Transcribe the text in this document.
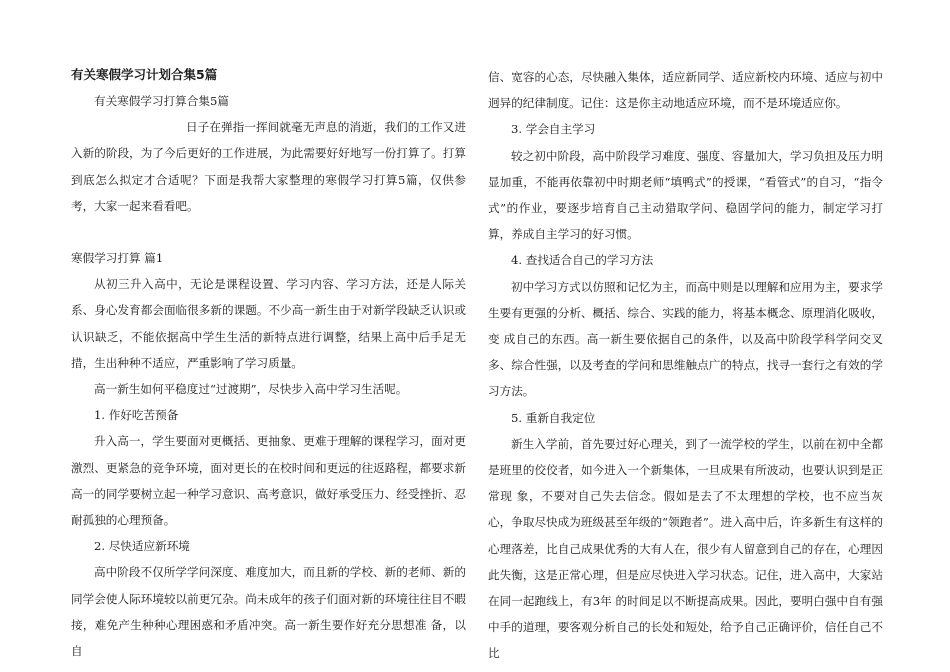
有关寒假学习计划合集5篇

有关寒假学习打算合集5篇

日子在弹指一挥间就毫无声息的消逝，我们的工作又进入新的阶段，为了今后更好的工作进展，为此需要好好地写一份打算了。打算到底怎么拟定才合适呢？下面是我帮大家整理的寒假学习打算5篇，仅供参考，大家一起来看看吧。

寒假学习打算 篇1

从初三升入高中，无论是课程设置、学习内容、学习方法，还是人际关系、身心发育都会面临很多新的课题。不少高一新生由于对新学段缺乏认识或认识缺乏，不能依据高中学生生活的新特点进行调整，结果上高中后手足无措，生出种种不适应，严重影响了学习质量。

高一新生如何平稳度过“过渡期”，尽快步入高中学习生活呢。

1. 作好吃苦预备

升入高一，学生要面对更概括、更抽象、更难于理解的课程学习，面对更激烈、更紧急的竞争环境，面对更长的在校时间和更远的往返路程，都要求新高一的同学要树立起一种学习意识、高考意识，做好承受压力、经受挫折、忍耐孤独的心理预备。

2. 尽快适应新环境

高中阶段不仅所学学问深度、难度加大，而且新的学校、新的老师、新的同学会使人际环境较以前更冗杂。尚未成年的孩子们面对新的环境往往目不暇接，难免产生种种心理困惑和矛盾冲突。高一新生要作好充分思想准 备，以自

信、宽容的心态，尽快融入集体，适应新同学、适应新校内环境、适应与初中迥异的纪律制度。记住：这是你主动地适应环境，而不是环境适应你。

3. 学会自主学习

较之初中阶段，高中阶段学习难度、强度、容量加大，学习负担及压力明显加重，不能再依靠初中时期老师“填鸭式”的授课，“看管式”的自习，“指令式”的作业，要逐步培育自己主动猎取学问、稳固学问的能力，制定学习打算，养成自主学习的好习惯。

4. 查找适合自己的学习方法

初中学习方式以仿照和记忆为主，而高中则是以理解和应用为主，要求学生要有更强的分析、概括、综合、实践的能力，将基本概念、原理消化吸收，变 成自己的东西。高一新生要依据自己的条件，以及高中阶段学科学问交叉多、综合性强，以及考查的学问和思维触点广的特点，找寻一套行之有效的学习方法。

5. 重新自我定位

新生入学前，首先要过好心理关，到了一流学校的学生，以前在初中全都是班里的佼佼者，如今进入一个新集体，一旦成果有所波动，也要认识到是正常现 象，不要对自己失去信念。假如是去了不太理想的学校，也不应当灰心，争取尽快成为班级甚至年级的“领跑者”。进入高中后，许多新生有这样的心理落差，比自己成果优秀的大有人在，很少有人留意到自己的存在，心理因此失衡，这是正常心理，但是应尽快进入学习状态。记住，进入高中，大家站在同一起跑线上，有3年 的时间足以不断提高成果。因此，要明白强中自有强中手的道理，要客观分析自己的长处和短处，给予自己正确评价，信任自己不比
